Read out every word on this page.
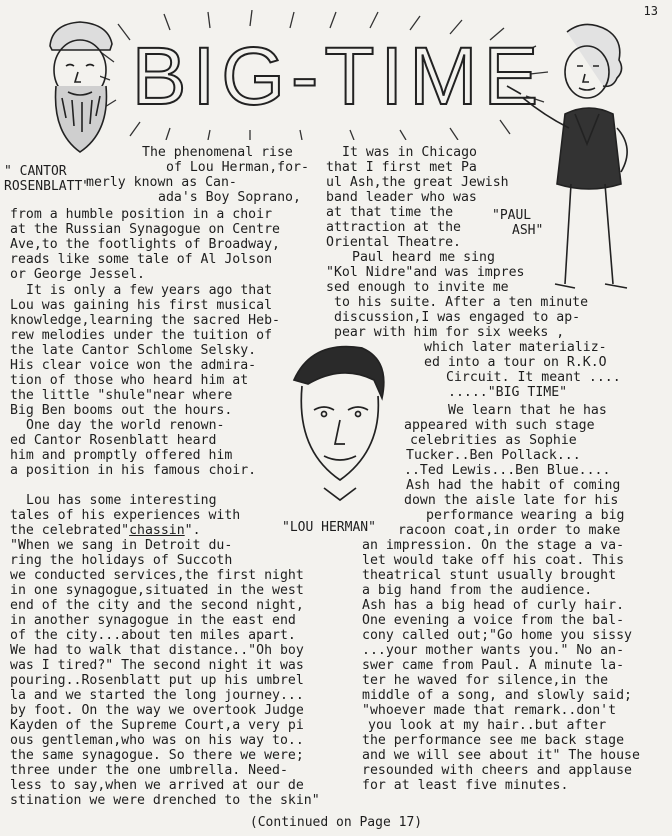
13
BIG-TIME
" CANTOR
ROSENBLATT"
"PAUL
ASH"
"LOU HERMAN"
The phenomenal rise
of Lou Herman,for-
merly known as Can-
ada's Boy Soprano,
from a humble position in a choir
at the Russian Synagogue on Centre
Ave,to the footlights of Broadway,
reads like some tale of Al Jolson
or George Jessel.
It is only a few years ago that
Lou was gaining his first musical
knowledge,learning the sacred Heb-
rew melodies under the tuition of
the late Cantor Schlome Selsky.
His clear voice won the admira-
tion of those who heard him at
the little "shule"near where
Big Ben booms out the hours.
One day the world renown-
ed Cantor Rosenblatt heard
him and promptly offered him
a position in his famous choir.
Lou has some interesting
tales of his experiences with
the celebrated"chassin".
"When we sang in Detroit du-
ring the holidays of Succoth
we conducted services,the first night
in one synagogue,situated in the west
end of the city and the second night,
in another synagogue in the east end
of the city...about ten miles apart.
We had to walk that distance.."Oh boy
was I tired?" The second night it was
pouring..Rosenblatt put up his umbrel
la and we started the long journey...
by foot. On the way we overtook Judge
Kayden of the Supreme Court,a very pi
ous gentleman,who was on his way to..
the same synagogue. So there we were;
three under the one umbrella. Need-
less to say,when we arrived at our de
stination we were drenched to the skin"
It was in Chicago
that I first met Pa
ul Ash,the great Jewish
band leader who was
at that time the
attraction at the
Oriental Theatre.
Paul heard me sing
"Kol Nidre"and was impres
sed enough to invite me
to his suite. After a ten minute
discussion,I was engaged to ap-
pear with him for six weeks ,
which later materializ-
ed into a tour on R.K.O
Circuit. It meant ....
....."BIG TIME"
We learn that he has
appeared with such stage
celebrities as Sophie
Tucker..Ben Pollack...
..Ted Lewis...Ben Blue....
Ash had the habit of coming
down the aisle late for his
performance wearing a big
racoon coat,in order to make
an impression. On the stage a va-
let would take off his coat. This
theatrical stunt usually brought
a big hand from the audience.
Ash has a big head of curly hair.
One evening a voice from the bal-
cony called out;"Go home you sissy
...your mother wants you." No an-
swer came from Paul. A minute la-
ter he waved for silence,in the
middle of a song, and slowly said;
"whoever made that remark..don't
you look at my hair..but after
the performance see me back stage
and we will see about it" The house
resounded with cheers and applause
for at least five minutes.
(Continued on Page 17)
